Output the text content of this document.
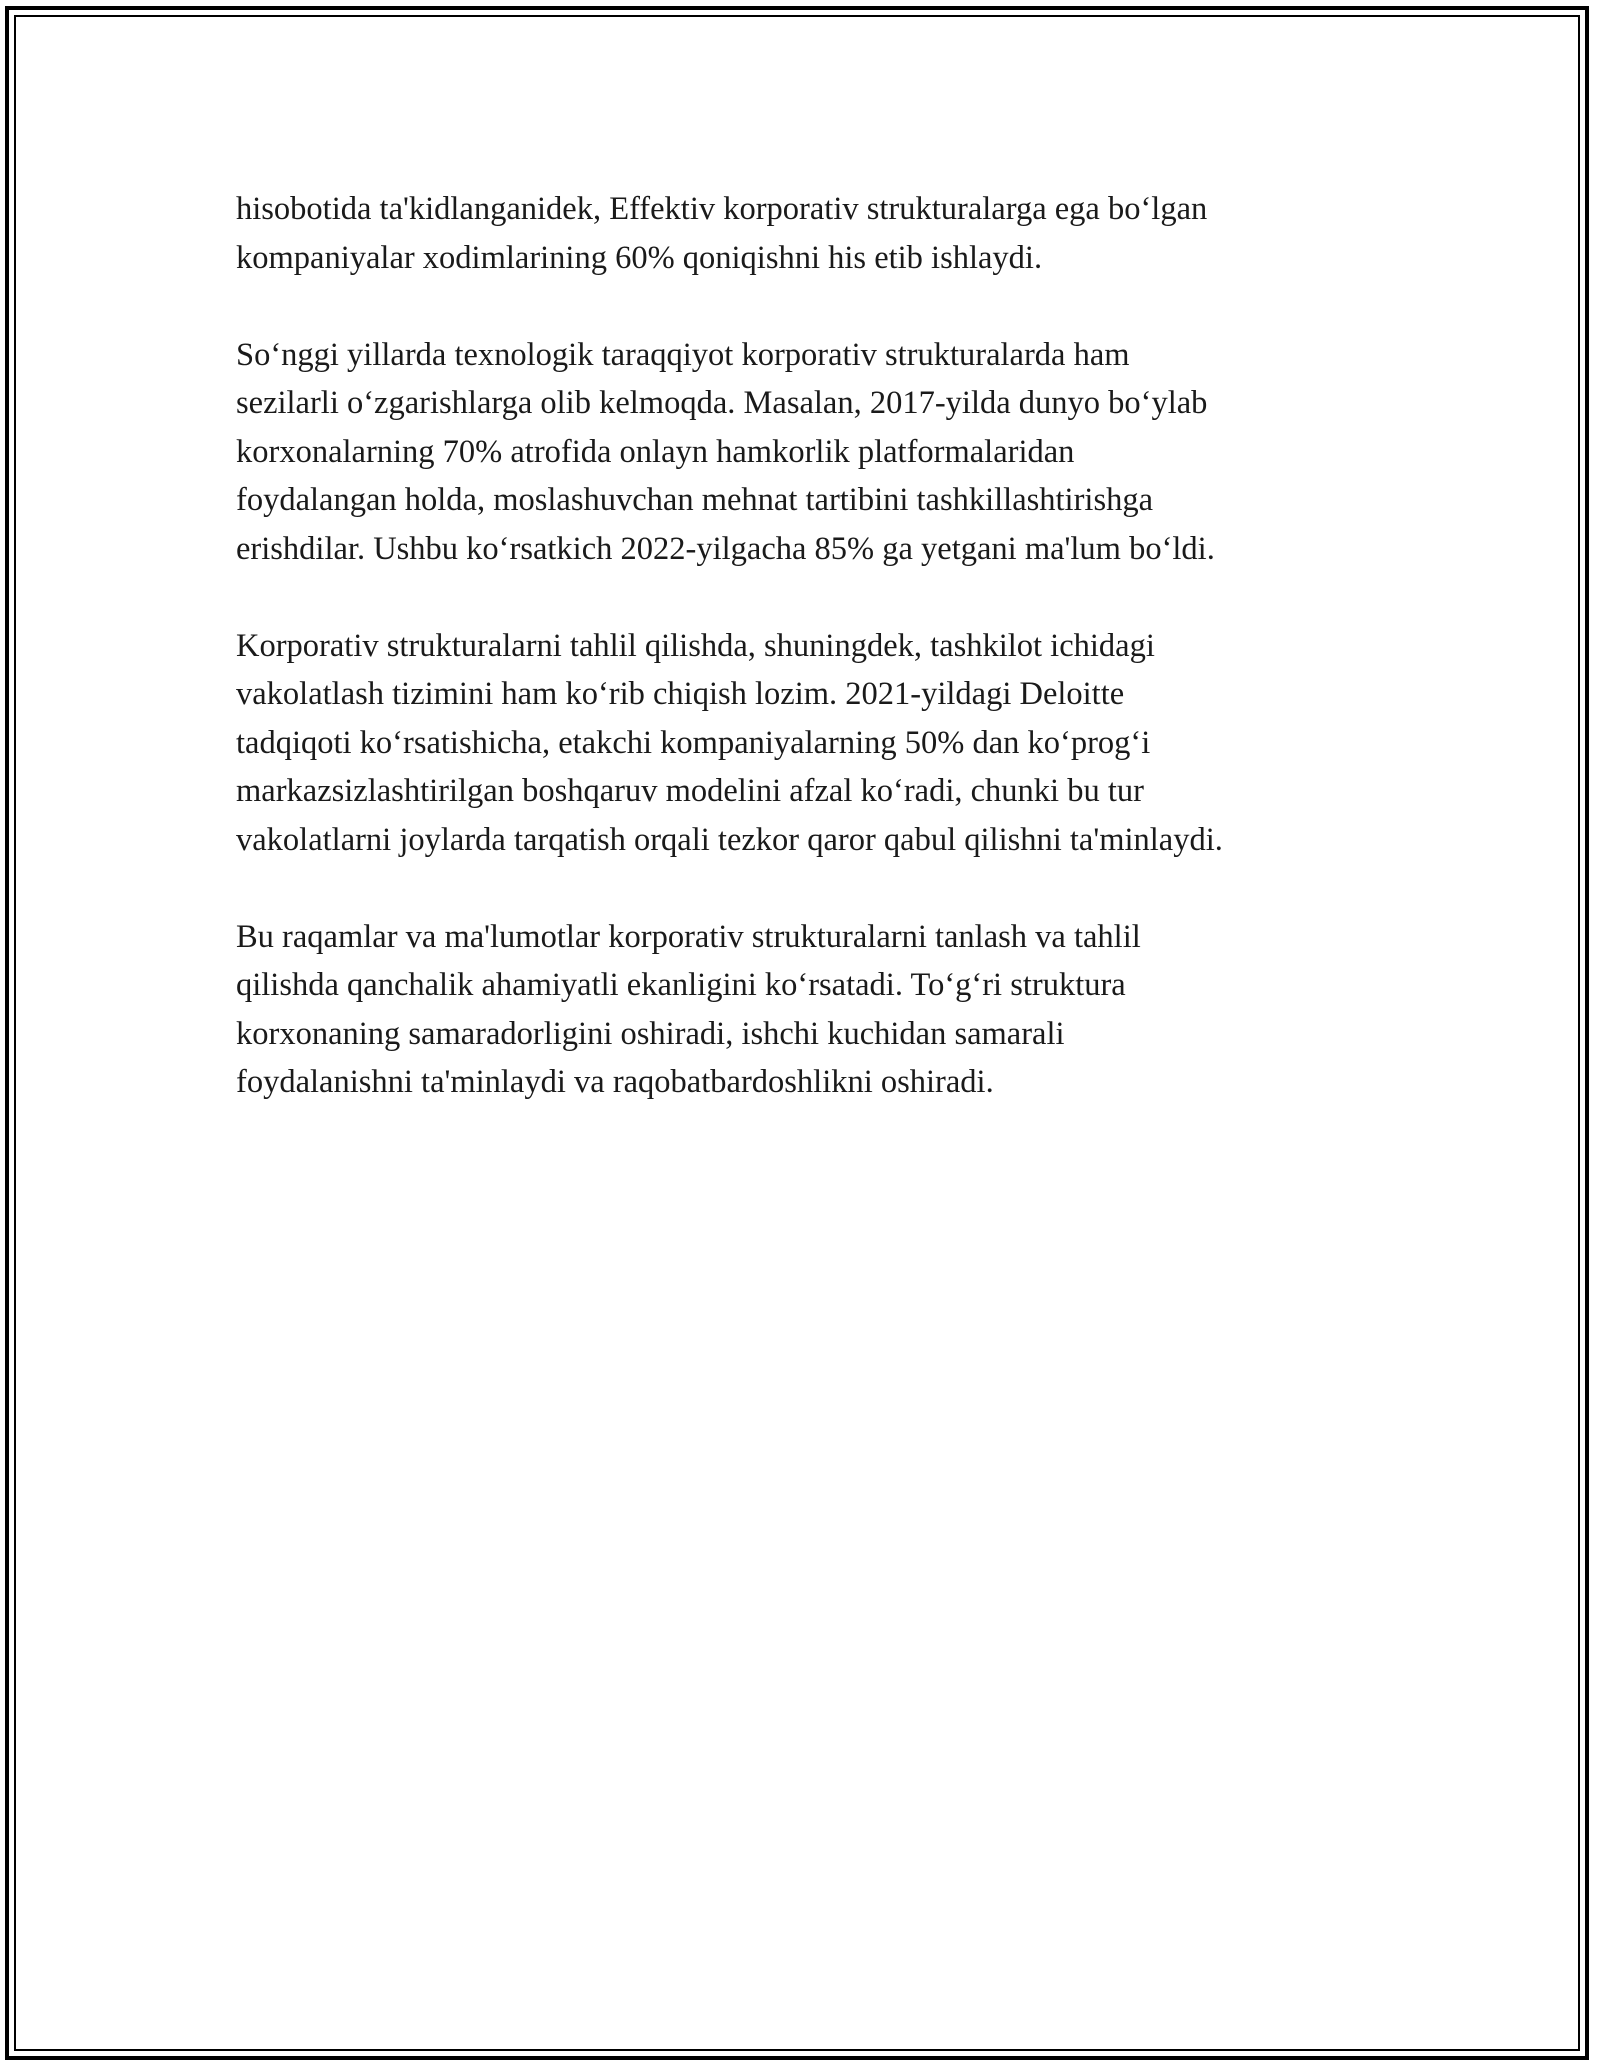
hisobotida ta'kidlanganidek, Effektiv korporativ strukturalarga ega bo‘lgan
kompaniyalar xodimlarining 60% qoniqishni his etib ishlaydi.

So‘nggi yillarda texnologik taraqqiyot korporativ strukturalarda ham
sezilarli o‘zgarishlarga olib kelmoqda. Masalan, 2017-yilda dunyo bo‘ylab
korxonalarning 70% atrofida onlayn hamkorlik platformalaridan
foydalangan holda, moslashuvchan mehnat tartibini tashkillashtirishga
erishdilar. Ushbu ko‘rsatkich 2022-yilgacha 85% ga yetgani ma'lum bo‘ldi.

Korporativ strukturalarni tahlil qilishda, shuningdek, tashkilot ichidagi
vakolatlash tizimini ham ko‘rib chiqish lozim. 2021-yildagi Deloitte
tadqiqoti ko‘rsatishicha, etakchi kompaniyalarning 50% dan ko‘prog‘i
markazsizlashtirilgan boshqaruv modelini afzal ko‘radi, chunki bu tur
vakolatlarni joylarda tarqatish orqali tezkor qaror qabul qilishni ta'minlaydi.

Bu raqamlar va ma'lumotlar korporativ strukturalarni tanlash va tahlil
qilishda qanchalik ahamiyatli ekanligini ko‘rsatadi. To‘g‘ri struktura
korxonaning samaradorligini oshiradi, ishchi kuchidan samarali
foydalanishni ta'minlaydi va raqobatbardoshlikni oshiradi.
